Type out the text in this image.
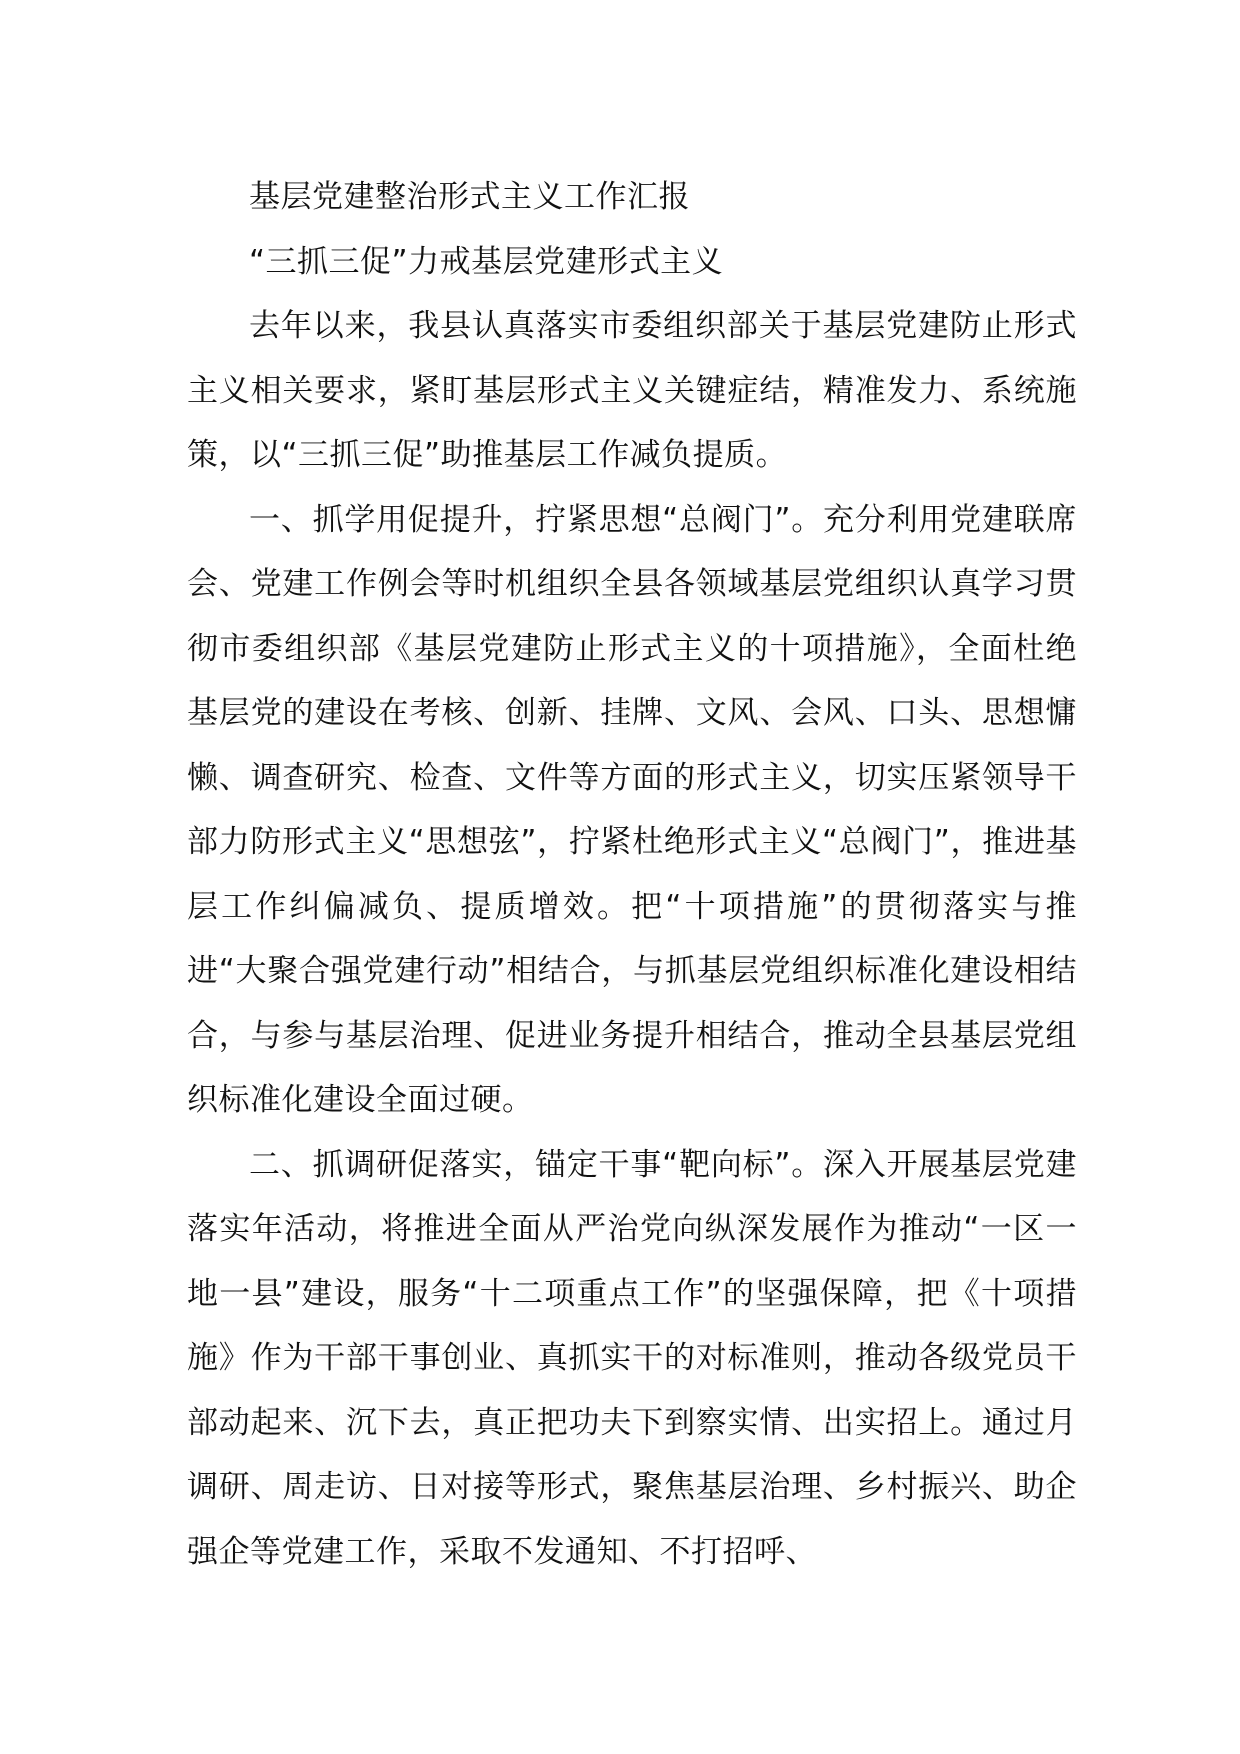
基层党建整治形式主义工作汇报

“三抓三促”力戒基层党建形式主义

去年以来，我县认真落实市委组织部关于基层党建防止形式主义相关要求，紧盯基层形式主义关键症结，精准发力、系统施策，以“三抓三促”助推基层工作减负提质。

一、抓学用促提升，拧紧思想“总阀门”。充分利用党建联席会、党建工作例会等时机组织全县各领域基层党组织认真学习贯彻市委组织部《基层党建防止形式主义的十项措施》，全面杜绝基层党的建设在考核、创新、挂牌、文风、会风、口头、思想慵懒、调查研究、检查、文件等方面的形式主义，切实压紧领导干部力防形式主义“思想弦”，拧紧杜绝形式主义“总阀门”，推进基层工作纠偏减负、提质增效。把“十项措施”的贯彻落实与推进“大聚合强党建行动”相结合，与抓基层党组织标准化建设相结合，与参与基层治理、促进业务提升相结合，推动全县基层党组织标准化建设全面过硬。

二、抓调研促落实，锚定干事“靶向标”。深入开展基层党建落实年活动，将推进全面从严治党向纵深发展作为推动“一区一地一县”建设，服务“十二项重点工作”的坚强保障，把《十项措施》作为干部干事创业、真抓实干的对标准则，推动各级党员干部动起来、沉下去，真正把功夫下到察实情、出实招上。通过月调研、周走访、日对接等形式，聚焦基层治理、乡村振兴、助企强企等党建工作，采取不发通知、不打招呼、
